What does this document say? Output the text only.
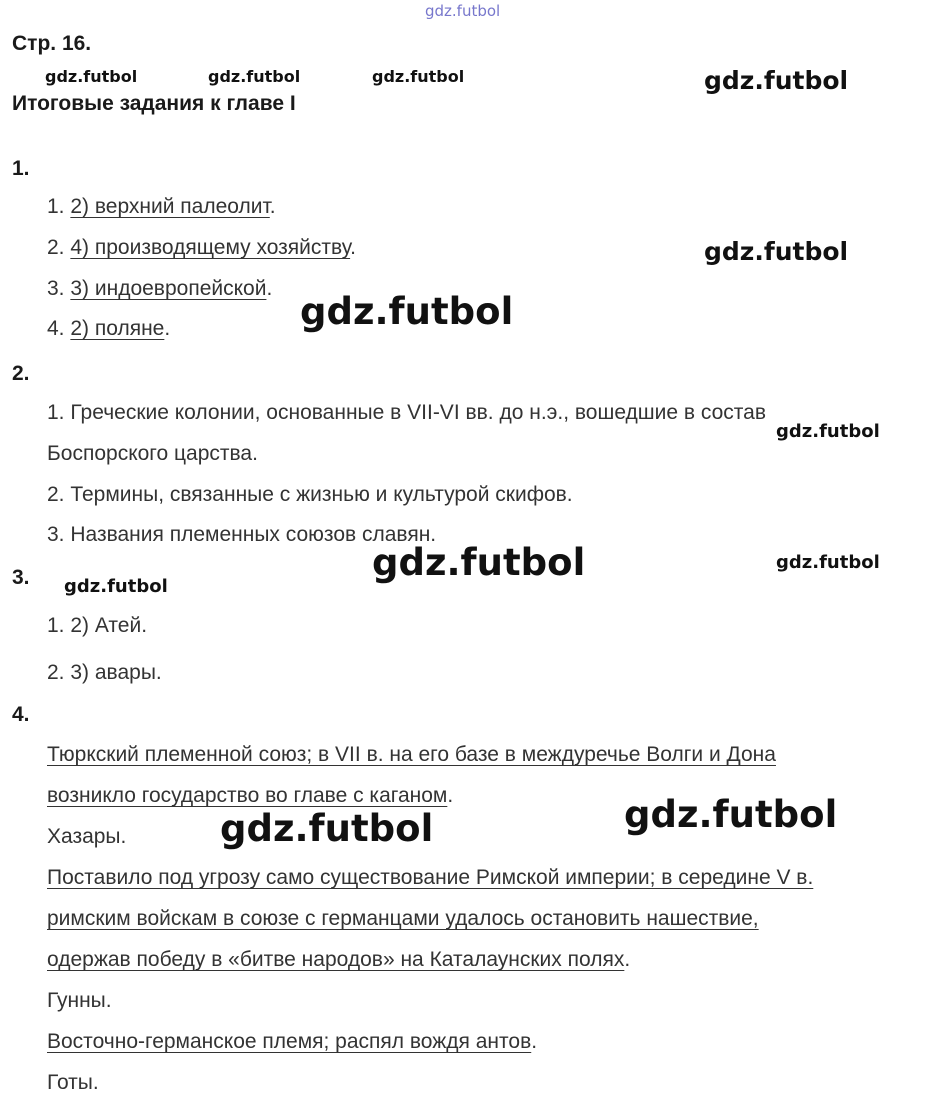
gdz.futbol
gdz.futbol	gdz.futbol	gdz.futbol	gdz.futbol
gdz.futbol
gdz.futbol
gdz.futbol
gdz.futbol	gdz.futbol
gdz.futbol
gdz.futbol
gdz.futbol
Стр. 16.
Итоговые задания к главе I
1.
1. 2) верхний палеолит.
2. 4) производящему хозяйству.
3. 3) индоевропейской.
4. 2) поляне.
2.
1. Греческие колонии, основанные в VII-VI вв. до н.э., вошедшие в состав
Боспорского царства.
2. Термины, связанные с жизнью и культурой скифов.
3. Названия племенных союзов славян.
3.
1. 2) Атей.
2. 3) авары.
4.
Тюркский племенной союз; в VII в. на его базе в междуречье Волги и Дона
возникло государство во главе с каганом.
Хазары.
Поставило под угрозу само существование Римской империи; в середине V в.
римским войскам в союзе с германцами удалось остановить нашествие,
одержав победу в «битве народов» на Каталаунских полях.
Гунны.
Восточно-германское племя; распял вождя антов.
Готы.
